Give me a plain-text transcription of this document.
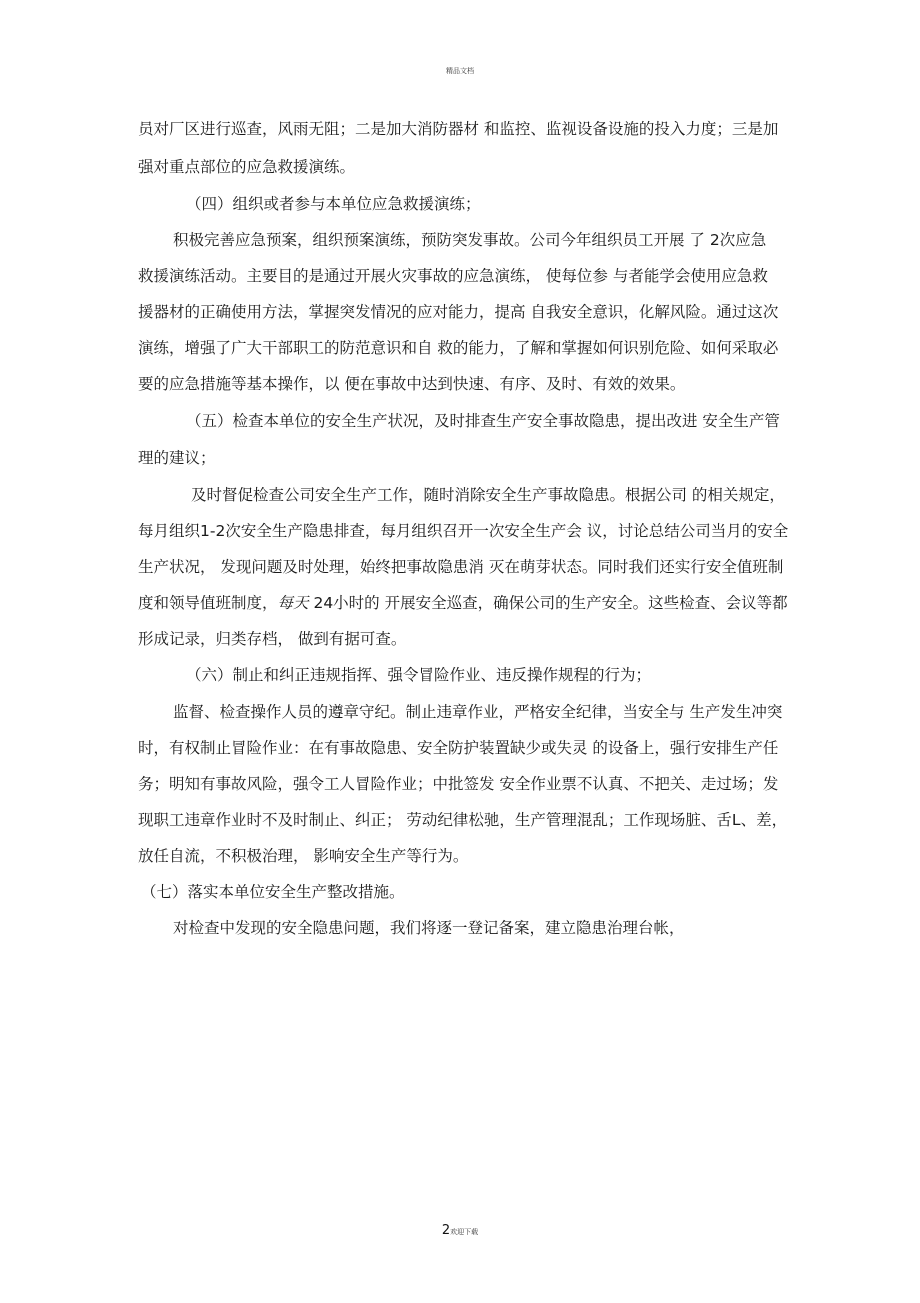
精品文档
员对厂区进行巡查，风雨无阻；二是加大消防器材 和监控、监视设备设施的投入力度；三是加
强对重点部位的应急救援演练。
（四）组织或者参与本单位应急救援演练；
积极完善应急预案，组织预案演练，预防突发事故。公司今年组织员工开展 了 2次应急
救援演练活动。主要目的是通过开展火灾事故的应急演练， 使每位参 与者能学会使用应急救
援器材的正确使用方法，掌握突发情况的应对能力，提高 自我安全意识，化解风险。通过这次
演练，增强了广大干部职工的防范意识和自 救的能力，了解和掌握如何识别危险、如何采取必
要的应急措施等基本操作，以 便在事故中达到快速、有序、及时、有效的效果。
（五）检查本单位的安全生产状况，及时排查生产安全事故隐患，提出改进 安全生产管
理的建议；
及时督促检查公司安全生产工作，随时消除安全生产事故隐患。根据公司 的相关规定，
每月组织1-2次安全生产隐患排查，每月组织召开一次安全生产会 议，讨论总结公司当月的安全
生产状况， 发现问题及时处理，始终把事故隐患消 灭在萌芽状态。同时我们还实行安全值班制
度和领导值班制度，每天 24小时的 开展安全巡查，确保公司的生产安全。这些检查、会议等都
形成记录，归类存档， 做到有据可查。
（六）制止和纠正违规指挥、强令冒险作业、违反操作规程的行为；
监督、检查操作人员的遵章守纪。制止违章作业，严格安全纪律，当安全与 生产发生冲突
时，有权制止冒险作业：在有事故隐患、安全防护装置缺少或失灵 的设备上，强行安排生产任
务；明知有事故风险，强令工人冒险作业；中批签发 安全作业票不认真、不把关、走过场；发
现职工违章作业时不及时制止、纠正； 劳动纪律松驰，生产管理混乱；工作现场脏、舌L、差，
放任自流，不积极治理， 影响安全生产等行为。
（七）落实本单位安全生产整改措施。
对检查中发现的安全隐患问题，我们将逐一登记备案，建立隐患治理台帐，
2欢迎下载
